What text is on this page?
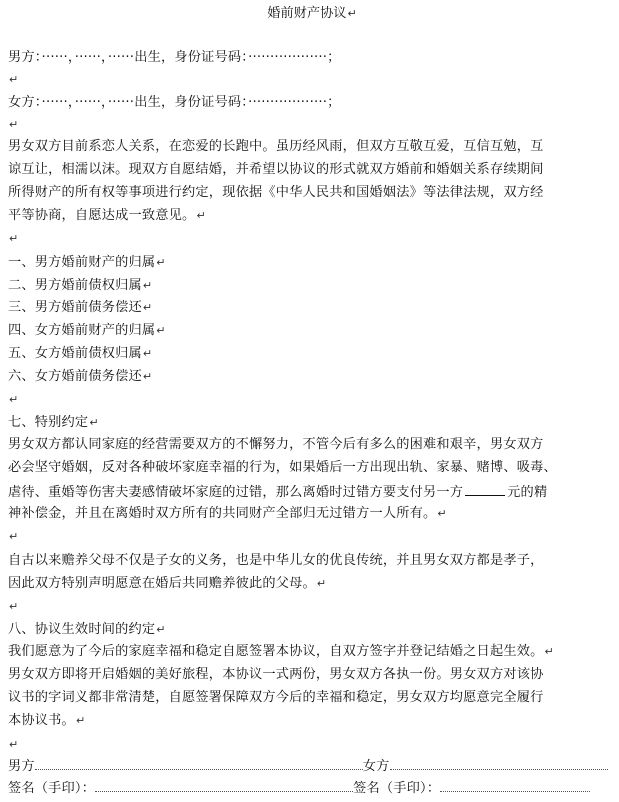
婚前财产协议↵
男方：······，······，······出生，身份证号码：··················；
↵
女方：······，······，······出生，身份证号码：··················；
↵
男女双方目前系恋人关系，在恋爱的长跑中。虽历经风雨，但双方互敬互爱，互信互勉，互
谅互让，相濡以沫。现双方自愿结婚，并希望以协议的形式就双方婚前和婚姻关系存续期间
所得财产的所有权等事项进行约定，现依据《中华人民共和国婚姻法》等法律法规，双方经
平等协商，自愿达成一致意见。↵
↵
一、男方婚前财产的归属↵
二、男方婚前债权归属↵
三、男方婚前债务偿还↵
四、女方婚前财产的归属↵
五、女方婚前债权归属↵
六、女方婚前债务偿还↵
↵
七、特别约定↵
男女双方都认同家庭的经营需要双方的不懈努力，不管今后有多么的困难和艰辛，男女双方
必会坚守婚姻，反对各种破坏家庭幸福的行为，如果婚后一方出现出轨、家暴、赌博、吸毒、
虐待、重婚等伤害夫妻感情破坏家庭的过错，那么离婚时过错方要支付另一方	元的精
神补偿金，并且在离婚时双方所有的共同财产全部归无过错方一人所有。↵
↵
自古以来赡养父母不仅是子女的义务，也是中华儿女的优良传统，并且男女双方都是孝子，
因此双方特别声明愿意在婚后共同赡养彼此的父母。↵
↵
八、协议生效时间的约定↵
我们愿意为了今后的家庭幸福和稳定自愿签署本协议，自双方签字并登记结婚之日起生效。↵
男女双方即将开启婚姻的美好旅程，本协议一式两份，男女双方各执一份。男女双方对该协
议书的字词义都非常清楚，自愿签署保障双方今后的幸福和稳定，男女双方均愿意完全履行
本协议书。↵
↵
男方	女方
签名（手印）：	签名（手印）：
